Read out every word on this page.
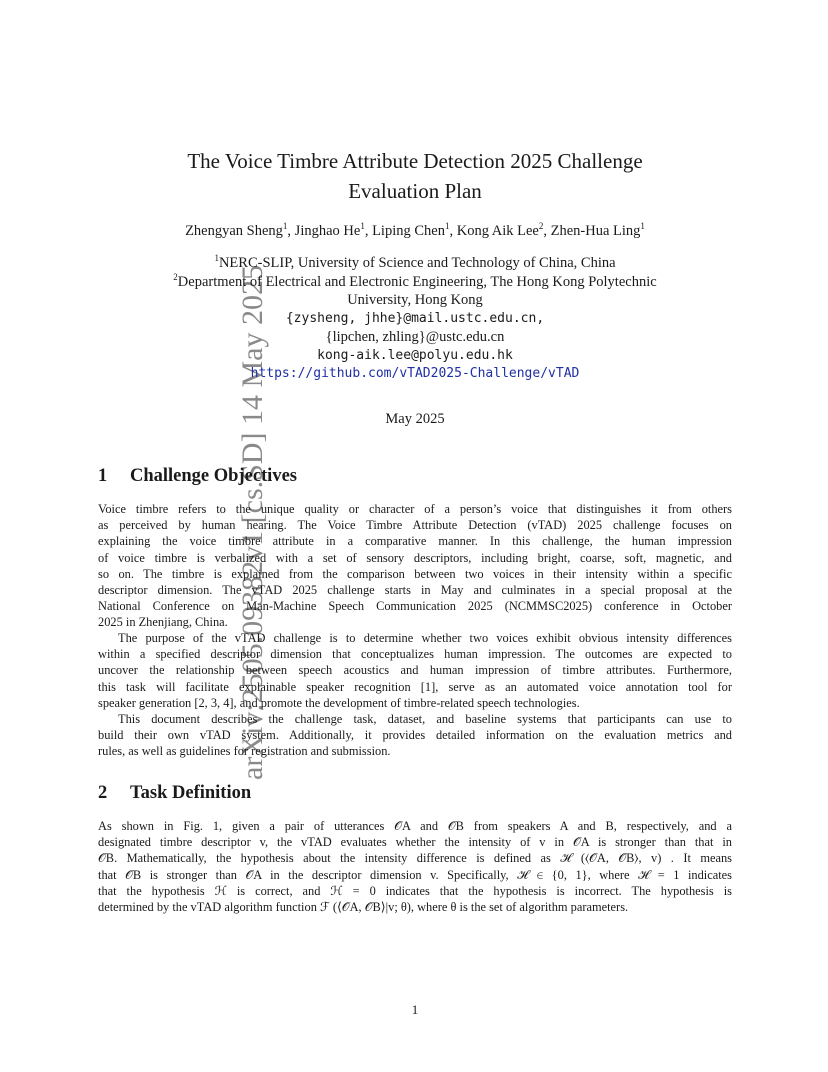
arXiv:2505.09382v1 [cs.SD] 14 May 2025
The Voice Timbre Attribute Detection 2025 Challenge
Evaluation Plan
Zhengyan Sheng$^1$, Jinghao He$^1$, Liping Chen$^1$, Kong Aik Lee$^2$, Zhen-Hua Ling$^1$
$^1$NERC-SLIP, University of Science and Technology of China, China
$^2$Department of Electrical and Electronic Engineering, The Hong Kong Polytechnic
University, Hong Kong
{zysheng, jhhe}@mail.ustc.edu.cn,
{lipchen, zhling}@ustc.edu.cn
kong-aik.lee@polyu.edu.hk
https://github.com/vTAD2025-Challenge/vTAD
May 2025
1 Challenge Objectives
Voice timbre refers to the unique quality or character of a person’s voice that distinguishes it from others
as perceived by human hearing. The Voice Timbre Attribute Detection (vTAD) 2025 challenge focuses on
explaining the voice timbre attribute in a comparative manner. In this challenge, the human impression
of voice timbre is verbalized with a set of sensory descriptors, including bright, coarse, soft, magnetic, and
so on. The timbre is explained from the comparison between two voices in their intensity within a specific
descriptor dimension. The vTAD 2025 challenge starts in May and culminates in a special proposal at the
National Conference on Man-Machine Speech Communication 2025 (NCMMSC2025) conference in October
2025 in Zhenjiang, China.
The purpose of the vTAD challenge is to determine whether two voices exhibit obvious intensity differences
within a specified descriptor dimension that conceptualizes human impression. The outcomes are expected to
uncover the relationship between speech acoustics and human impression of timbre attributes. Furthermore,
this task will facilitate explainable speaker recognition [1], serve as an automated voice annotation tool for
speaker generation [2, 3, 4], and promote the development of timbre-related speech technologies.
This document describes the challenge task, dataset, and baseline systems that participants can use to
build their own vTAD system. Additionally, it provides detailed information on the evaluation metrics and
rules, as well as guidelines for registration and submission.
2 Task Definition
As shown in Fig. 1, given a pair of utterances 𝒪A and 𝒪B from speakers A and B, respectively, and a
designated timbre descriptor v, the vTAD evaluates whether the intensity of v in 𝒪A is stronger than that in
𝒪B. Mathematically, the hypothesis about the intensity difference is defined as ℋ (⟨𝒪A, 𝒪B⟩, v) . It means
that 𝒪B is stronger than 𝒪A in the descriptor dimension v. Specifically, ℋ ∈ {0, 1}, where ℋ = 1 indicates
that the hypothesis ℋ is correct, and ℋ = 0 indicates that the hypothesis is incorrect. The hypothesis is
determined by the vTAD algorithm function ℱ (⟨𝒪A, 𝒪B⟩|v; θ), where θ is the set of algorithm parameters.
1
